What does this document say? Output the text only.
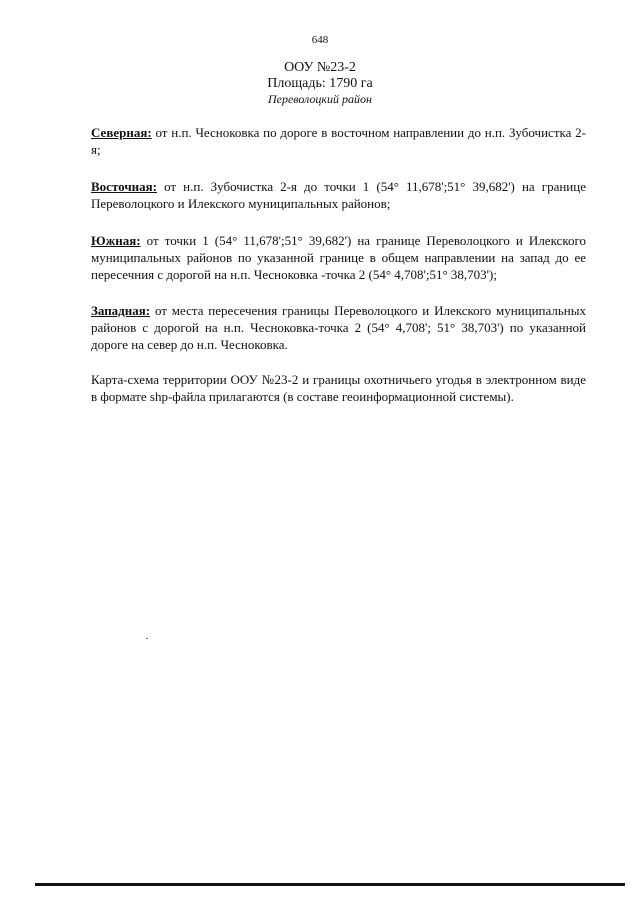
648
ООУ №23-2
Площадь: 1790 га
Переволоцкий район

Северная: от н.п. Чесноковка по дороге в восточном направлении до н.п. Зубочистка 2-я;

Восточная: от н.п. Зубочистка 2-я до точки 1 (54° 11,678';51° 39,682') на границе Переволоцкого и Илекского муниципальных районов;

Южная: от точки 1 (54° 11,678';51° 39,682') на границе Переволоцкого и Илекского муниципальных районов по указанной границе в общем направлении на запад до ее пересечния с дорогой на н.п. Чесноковка -точка 2 (54° 4,708';51° 38,703');

Западная: от места пересечения границы Переволоцкого и Илекского муниципальных районов с дорогой на н.п. Чесноковка-точка 2 (54° 4,708'; 51° 38,703') по указанной дороге на север до н.п. Чесноковка.

Карта-схема территории ООУ №23-2 и границы охотничьего угодья в электронном виде в формате shp-файла прилагаются (в составе геоинформационной системы).
